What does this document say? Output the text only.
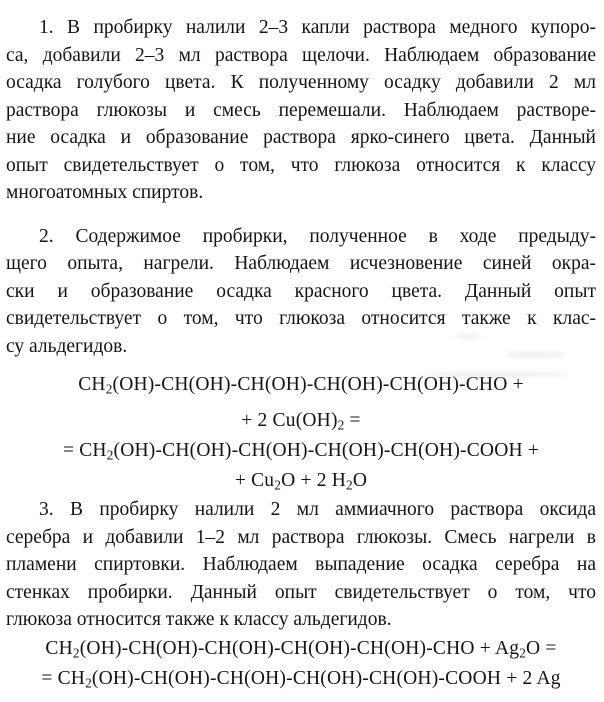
1. В пробирку налили 2–3 капли раствора медного купоро-
са, добавили 2–3 мл раствора щелочи. Наблюдаем образование
осадка голубого цвета. К полученному осадку добавили 2 мл
раствора глюкозы и смесь перемешали. Наблюдаем растворе-
ние осадка и образование раствора ярко-синего цвета. Данный
опыт свидетельствует о том, что глюкоза относится к классу
многоатомных спиртов.
2. Содержимое пробирки, полученное в ходе предыду-
щего опыта, нагрели. Наблюдаем исчезновение синей окра-
ски и образование осадка красного цвета. Данный опыт
свидетельствует о том, что глюкоза относится также к клас-
су альдегидов.
$CH_2(OH)-CH(OH)-CH(OH)-CH(OH)-CH(OH)$-CHO +
+ 2 $Cu(OH)_2$ =
= $CH_2(OH)-CH(OH)-CH(OH)-CH(OH)-CH(OH)$-COOH +
+ $Cu_2O + 2$ $H_2O$
3. В пробирку налили 2 мл аммиачного раствора оксида
серебра и добавили 1–2 мл раствора глюкозы. Смесь нагрели в
пламени спиртовки. Наблюдаем выпадение осадка серебра на
стенках пробирки. Данный опыт свидетельствует о том, что
глюкоза относится также к классу альдегидов.
$CH_2(OH)-CH(OH)-CH(OH)-CH(OH)-CH(OH)$-CHO + $Ag_2O$ =
= $CH_2(OH)-CH(OH)-CH(OH)-CH(OH)-CH(OH)$-COOH + 2 Ag
